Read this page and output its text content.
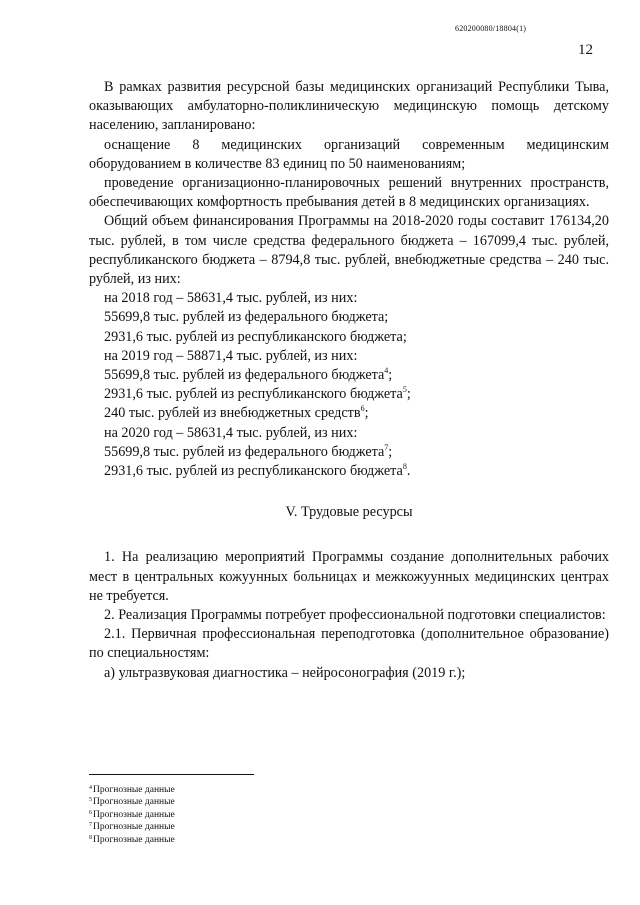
620200080/18804(1)
12

В рамках развития ресурсной базы медицинских организаций Республики Тыва, оказывающих амбулаторно-поликлиническую медицинскую помощь детскому населению, запланировано:

оснащение 8 медицинских организаций современным медицинским оборудованием в количестве 83 единиц по 50 наименованиям;

проведение организационно-планировочных решений внутренних пространств, обеспечивающих комфортность пребывания детей в 8 медицинских организациях.

Общий объем финансирования Программы на 2018-2020 годы составит 176134,20 тыс. рублей, в том числе средства федерального бюджета – 167099,4 тыс. рублей, республиканского бюджета – 8794,8 тыс. рублей, внебюджетные средства – 240 тыс. рублей, из них:

на 2018 год – 58631,4 тыс. рублей, из них:

55699,8 тыс. рублей из федерального бюджета;

2931,6 тыс. рублей из республиканского бюджета;

на 2019 год – 58871,4 тыс. рублей, из них:

55699,8 тыс. рублей из федерального бюджета$^4$;

2931,6 тыс. рублей из республиканского бюджета$^5$;

240 тыс. рублей из внебюджетных средств$^6$;

на 2020 год – 58631,4 тыс. рублей, из них:

55699,8 тыс. рублей из федерального бюджета$^7$;

2931,6 тыс. рублей из республиканского бюджета$^8$.

V. Трудовые ресурсы

1. На реализацию мероприятий Программы создание дополнительных рабочих мест в центральных кожуунных больницах и межкожуунных медицинских центрах не требуется.

2. Реализация Программы потребует профессиональной подготовки специалистов:

2.1. Первичная профессиональная переподготовка (дополнительное образование) по специальностям:

а) ультразвуковая диагностика – нейросонография (2019 г.);

$^4$Прогнозные данные
$^5$Прогнозные данные
$^6$Прогнозные данные
$^7$Прогнозные данные
$^8$Прогнозные данные
